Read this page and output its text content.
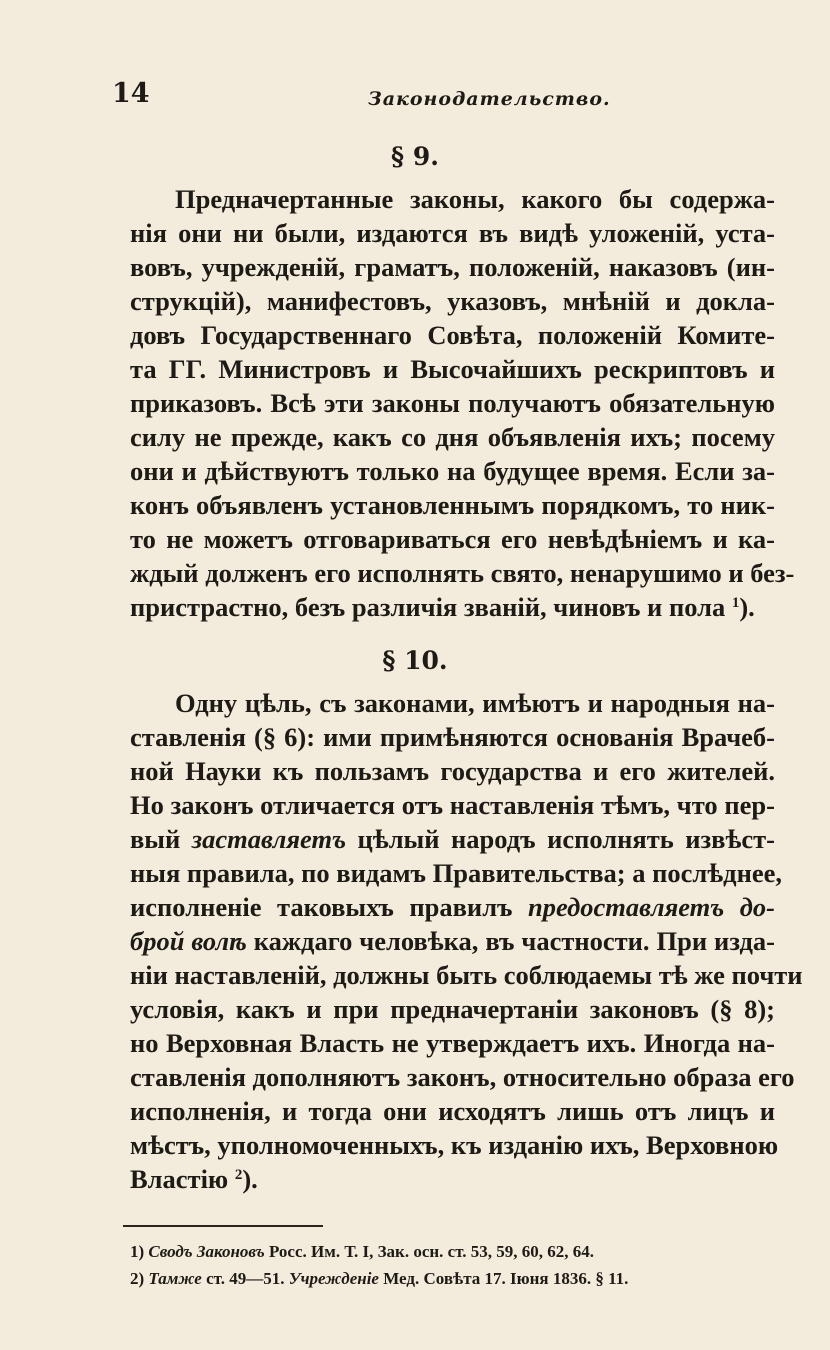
14	Законодательство.
§ 9.
Предначертанные законы, какого бы содержа-
нія они ни были, издаются въ видѣ уложеній, уста-
вовъ, учрежденій, граматъ, положеній, наказовъ (ин-
струкцій), манифестовъ, указовъ, мнѣній и докла-
довъ Государственнаго Совѣта, положеній Комите-
та ГГ. Министровъ и Высочайшихъ рескриптовъ и
приказовъ. Всѣ эти законы получаютъ обязательную
силу не прежде, какъ со дня объявленія ихъ; посему
они и дѣйствуютъ только на будущее время. Если за-
конъ объявленъ установленнымъ порядкомъ, то ник-
то не можетъ отговариваться его невѣдѣніемъ и ка-
ждый долженъ его исполнять свято, ненарушимо и без-
пристрастно, безъ различія званій, чиновъ и пола $^1$).
§ 10.
Одну цѣль, съ законами, имѣютъ и народныя на-
ставленія (§ 6): ими примѣняются основанія Врачеб-
ной Науки къ пользамъ государства и его жителей.
Но законъ отличается отъ наставленія тѣмъ, что пер-
вый заставляетъ цѣлый народъ исполнять извѣст-
ныя правила, по видамъ Правительства; а послѣднее,
исполненіе таковыхъ правилъ предоставляетъ до-
брой волѣ каждаго человѣка, въ частности. При изда-
ніи наставленій, должны быть соблюдаемы тѣ же почти
условія, какъ и при предначертаніи законовъ (§ 8);
но Верховная Власть не утверждаетъ ихъ. Иногда на-
ставленія дополняютъ законъ, относительно образа его
исполненія, и тогда они исходятъ лишь отъ лицъ и
мѣстъ, уполномоченныхъ, къ изданію ихъ, Верховною
Властію $^2$).
1) Сводъ Законовъ Росс. Им. Т. I, Зак. осн. ст. 53, 59, 60, 62, 64.
2) Тамже ст. 49—51. Учрежденіе Мед. Совѣта 17. Іюня 1836. § 11.
